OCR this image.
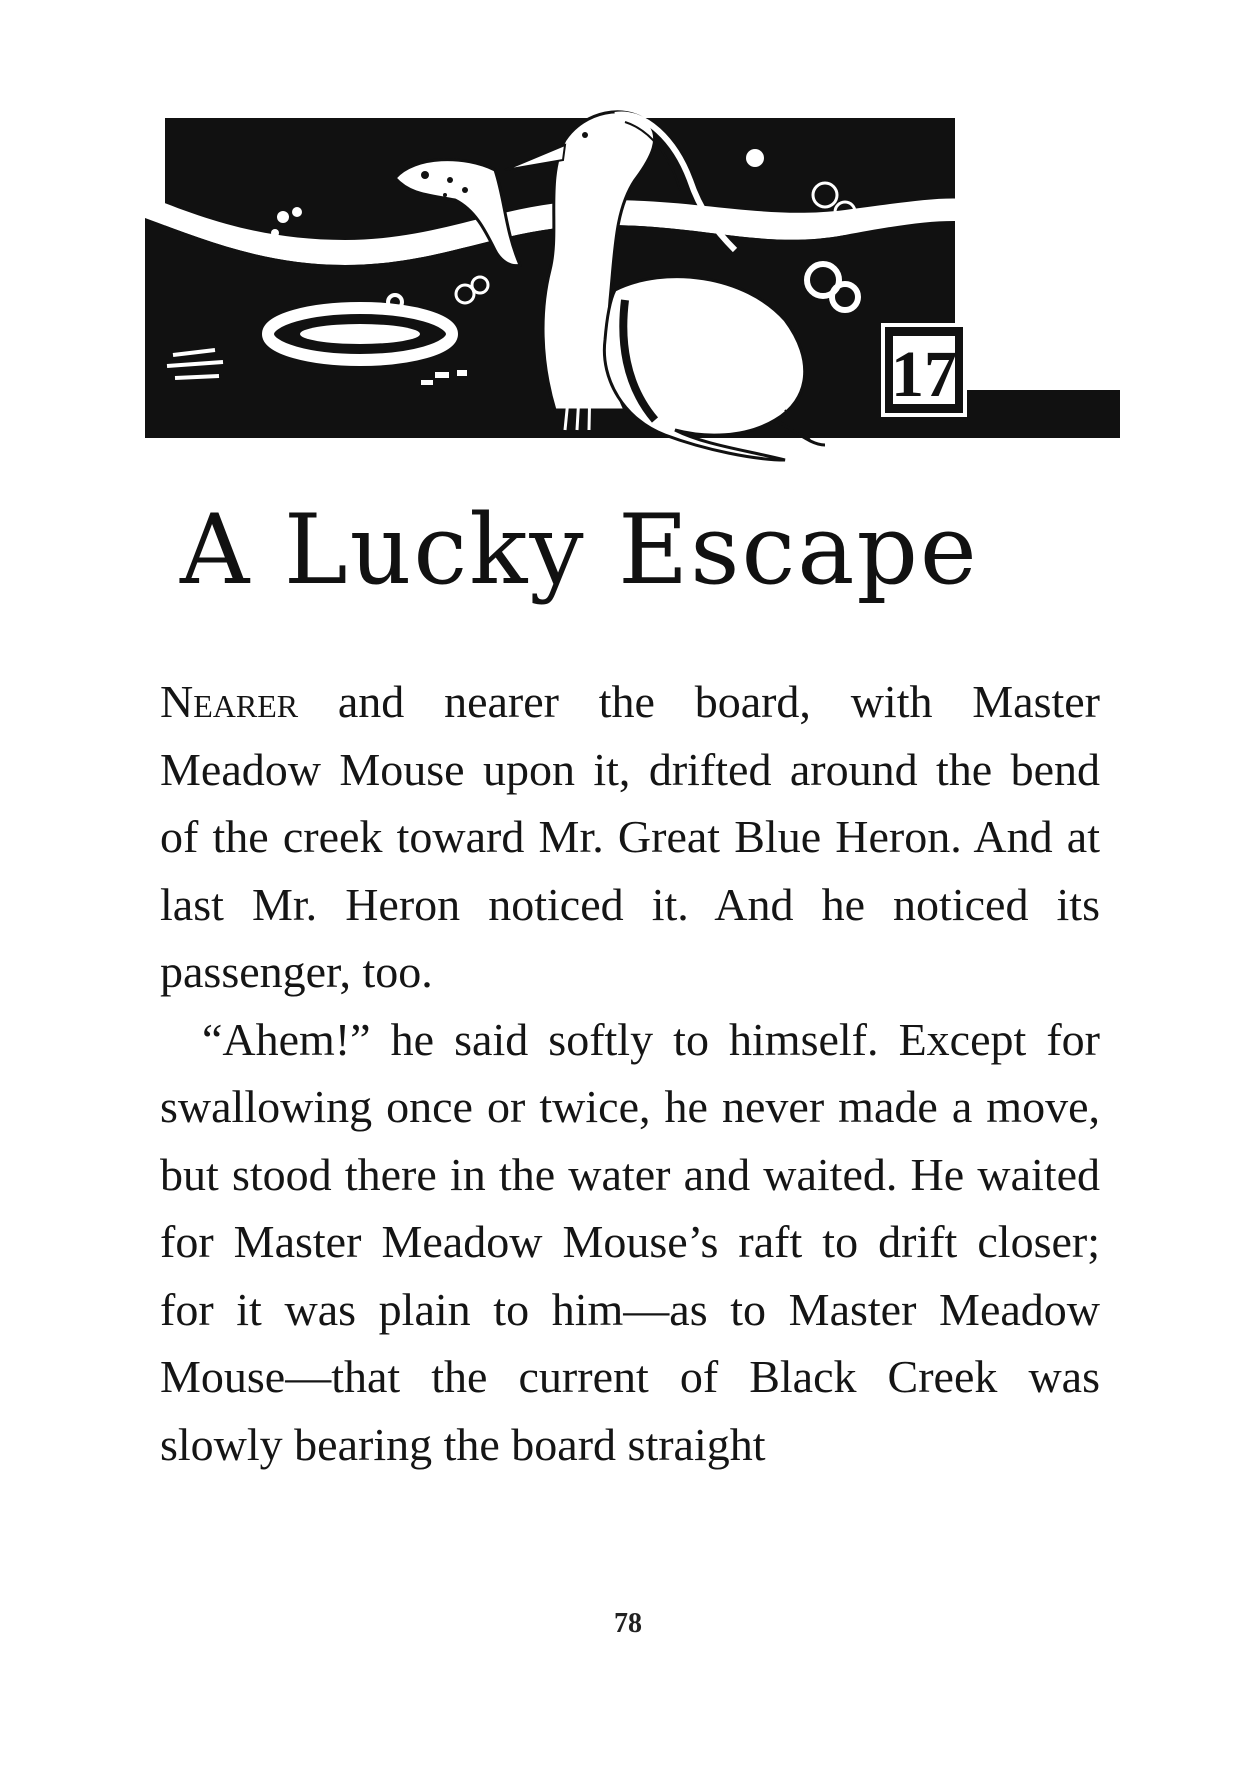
17
A Lucky Escape

Nearer and nearer the board, with Master Meadow Mouse upon it, drifted around the bend of the creek toward Mr. Great Blue Heron. And at last Mr. Heron noticed it. And he noticed its passenger, too.

“Ahem!” he said softly to himself. Except for swallowing once or twice, he never made a move, but stood there in the water and waited. He waited for Master Meadow Mouse’s raft to drift closer; for it was plain to him—as to Master Meadow Mouse—that the current of Black Creek was slowly bearing the board straight

78
